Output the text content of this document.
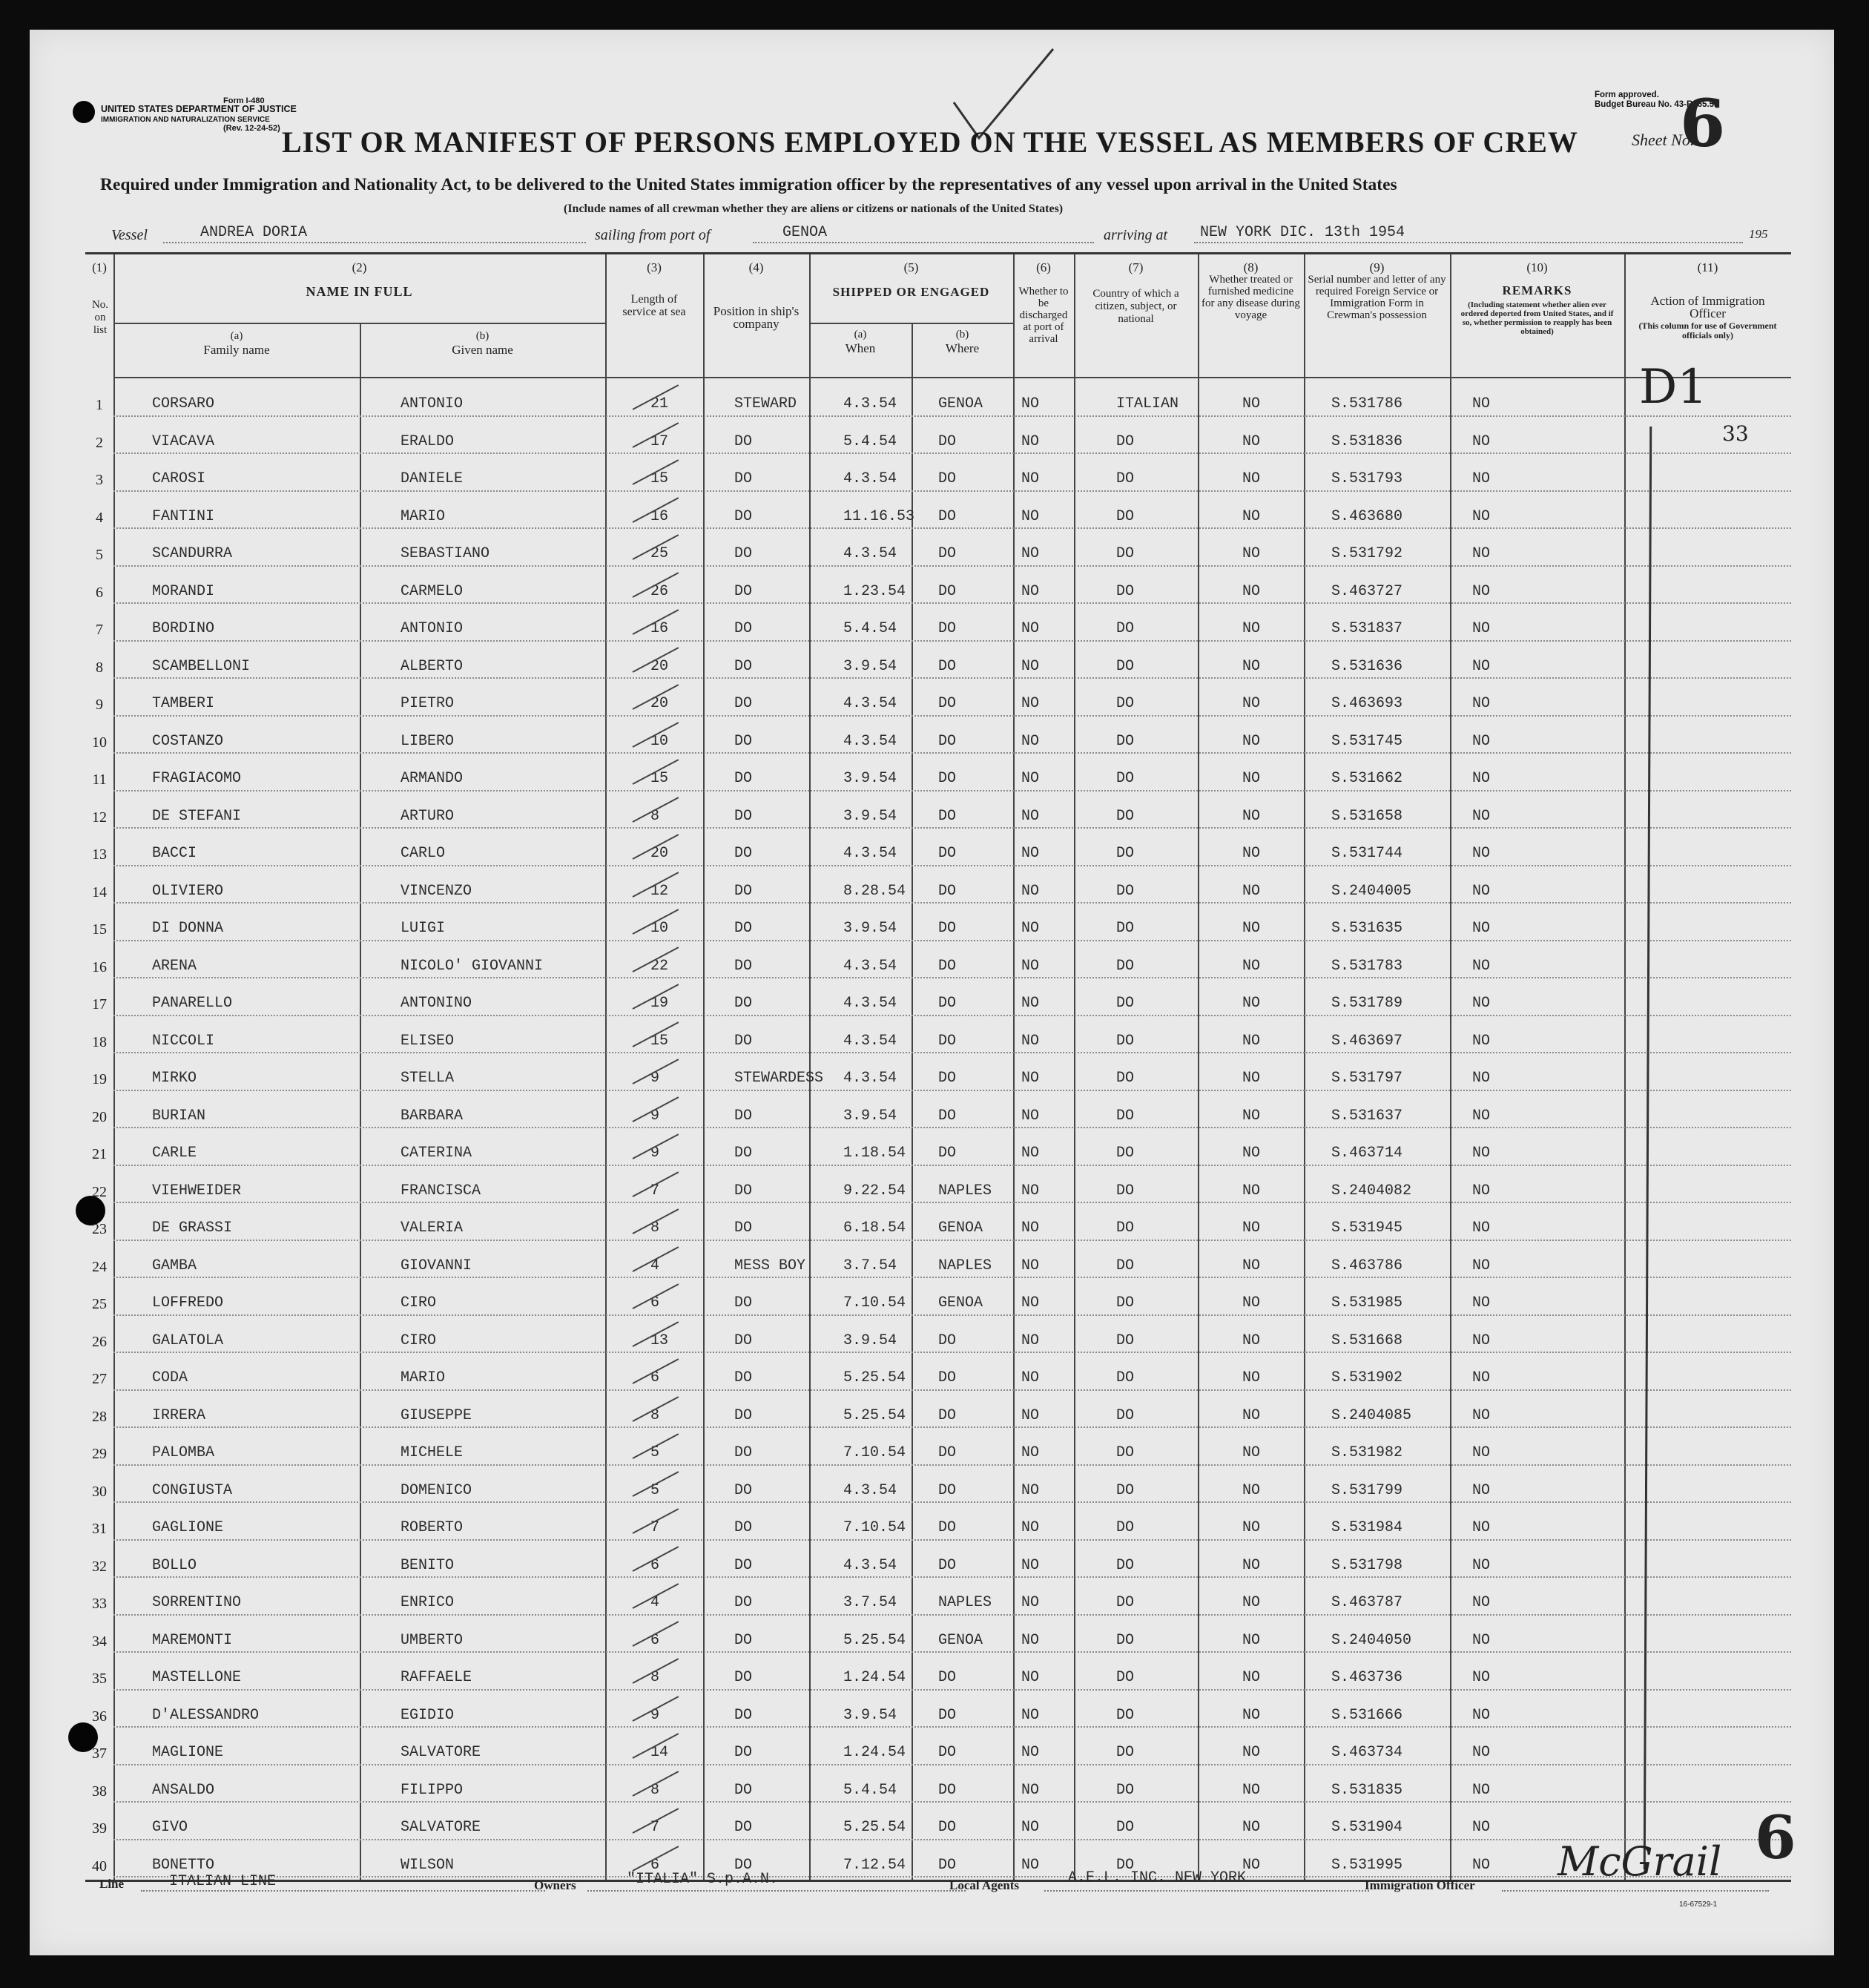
Form I-480
UNITED STATES DEPARTMENT OF JUSTICE
IMMIGRATION AND NATURALIZATION SERVICE
(Rev. 12-24-52)
Form approved.
Budget Bureau No. 43-R065.5.
Sheet No.
6
LIST OR MANIFEST OF PERSONS EMPLOYED ON THE VESSEL AS MEMBERS OF CREW
Required under Immigration and Nationality Act, to be delivered to the United States immigration officer by the representatives of any vessel upon arrival in the United States
(Include names of all crewman whether they are aliens or citizens or nationals of the United States)
Vessel	ANDREA DORIA	sailing from port of	GENOA	arriving at NEW YORK DIC. 13th 1954	195
(1)	(2)	(3)	(4)	(5)	(6)	(7)	(8)	(9)	(10)	(11)
No. on list
NAME IN FULL
(a)
Family name
(b)
Given name
Length of service at sea	Position in ship's company
SHIPPED OR ENGAGED
(a)
When
(b)
Where
Whether to be discharged at port of arrival
Country of which a citizen, subject, or national
Whether treated or furnished medicine for any disease during voyage
Serial number and letter of any required Foreign Service or Immigration Form in Crewman's possession
REMARKS
(Including statement whether alien ever ordered deported from United States, and if so, whether permission to reapply has been obtained)
Action of Immigration Officer
(This column for use of Government officials only)
1	CORSARO	ANTONIO	21	STEWARD	4.3.54	GENOA	NO	ITALIAN	NO	S.531786	NO
2	VIACAVA	ERALDO	17	DO	5.4.54	DO	NO	DO	NO	S.531836	NO
3	CAROSI	DANIELE	15	DO	4.3.54	DO	NO	DO	NO	S.531793	NO
4	FANTINI	MARIO	16	DO	11.16.53 DO	NO	DO	NO	S.463680	NO
5	SCANDURRA	SEBASTIANO	25	DO	4.3.54	DO	NO	DO	NO	S.531792	NO
6	MORANDI	CARMELO	26	DO	1.23.54 DO	NO	DO	NO	S.463727	NO
7	BORDINO	ANTONIO	16	DO	5.4.54	DO	NO	DO	NO	S.531837	NO
8	SCAMBELLONI	ALBERTO	20	DO	3.9.54	DO	NO	DO	NO	S.531636	NO
9	TAMBERI	PIETRO	20	DO	4.3.54	DO	NO	DO	NO	S.463693	NO
10	COSTANZO	LIBERO	10	DO	4.3.54	DO	NO	DO	NO	S.531745	NO
11	FRAGIACOMO	ARMANDO	15	DO	3.9.54	DO	NO	DO	NO	S.531662	NO
12	DE STEFANI	ARTURO	8	DO	3.9.54	DO	NO	DO	NO	S.531658	NO
13	BACCI	CARLO	20	DO	4.3.54	DO	NO	DO	NO	S.531744	NO
14	OLIVIERO	VINCENZO	12	DO	8.28.54 DO	NO	DO	NO	S.2404005	NO
15	DI DONNA	LUIGI	10	DO	3.9.54	DO	NO	DO	NO	S.531635	NO
16	ARENA	NICOLO' GIOVANNI	22	DO	4.3.54	DO	NO	DO	NO	S.531783	NO
17	PANARELLO	ANTONINO	19	DO	4.3.54	DO	NO	DO	NO	S.531789	NO
18	NICCOLI	ELISEO	15	DO	4.3.54	DO	NO	DO	NO	S.463697	NO
19	MIRKO	STELLA	9	STEWARDESS 4.3.54	DO	NO	DO	NO	S.531797	NO
20	BURIAN	BARBARA	9	DO	3.9.54	DO	NO	DO	NO	S.531637	NO
21	CARLE	CATERINA	9	DO	1.18.54 DO	NO	DO	NO	S.463714	NO
22	VIEHWEIDER	FRANCISCA	7	DO	9.22.54 NAPLES NO	DO	NO	S.2404082	NO
23	DE GRASSI	VALERIA	8	DO	6.18.54 GENOA	NO	DO	NO	S.531945	NO
24	GAMBA	GIOVANNI	4	MESS BOY	3.7.54	NAPLES NO	DO	NO	S.463786	NO
25	LOFFREDO	CIRO	6	DO	7.10.54 GENOA	NO	DO	NO	S.531985	NO
26	GALATOLA	CIRO	13	DO	3.9.54	DO	NO	DO	NO	S.531668	NO
27	CODA	MARIO	6	DO	5.25.54 DO	NO	DO	NO	S.531902	NO
28	IRRERA	GIUSEPPE	8	DO	5.25.54 DO	NO	DO	NO	S.2404085	NO
29	PALOMBA	MICHELE	5	DO	7.10.54 DO	NO	DO	NO	S.531982	NO
30	CONGIUSTA	DOMENICO	5	DO	4.3.54	DO	NO	DO	NO	S.531799	NO
31	GAGLIONE	ROBERTO	7	DO	7.10.54 DO	NO	DO	NO	S.531984	NO
32	BOLLO	BENITO	6	DO	4.3.54	DO	NO	DO	NO	S.531798	NO
33	SORRENTINO	ENRICO	4	DO	3.7.54	NAPLES NO	DO	NO	S.463787	NO
34	MAREMONTI	UMBERTO	6	DO	5.25.54 GENOA	NO	DO	NO	S.2404050	NO
35	MASTELLONE	RAFFAELE	8	DO	1.24.54 DO	NO	DO	NO	S.463736	NO
36	D'ALESSANDRO	EGIDIO	9	DO	3.9.54	DO	NO	DO	NO	S.531666	NO
37	MAGLIONE	SALVATORE	14	DO	1.24.54 DO	NO	DO	NO	S.463734	NO
38	ANSALDO	FILIPPO	8	DO	5.4.54	DO	NO	DO	NO	S.531835	NO
39	GIVO	SALVATORE	7	DO	5.25.54 DO	NO	DO	NO	S.531904	NO
40	BONETTO	WILSON	6	DO	7.12.54 DO	NO	DO	NO	S.531995	NO
D1
33
6
Line	ITALIAN LINE	Owners	"ITALIA" S.p.A.N.	Local Agents	A.E.L. INC. NEW YORK	Immigration Officer
McGrail
16-67529-1
